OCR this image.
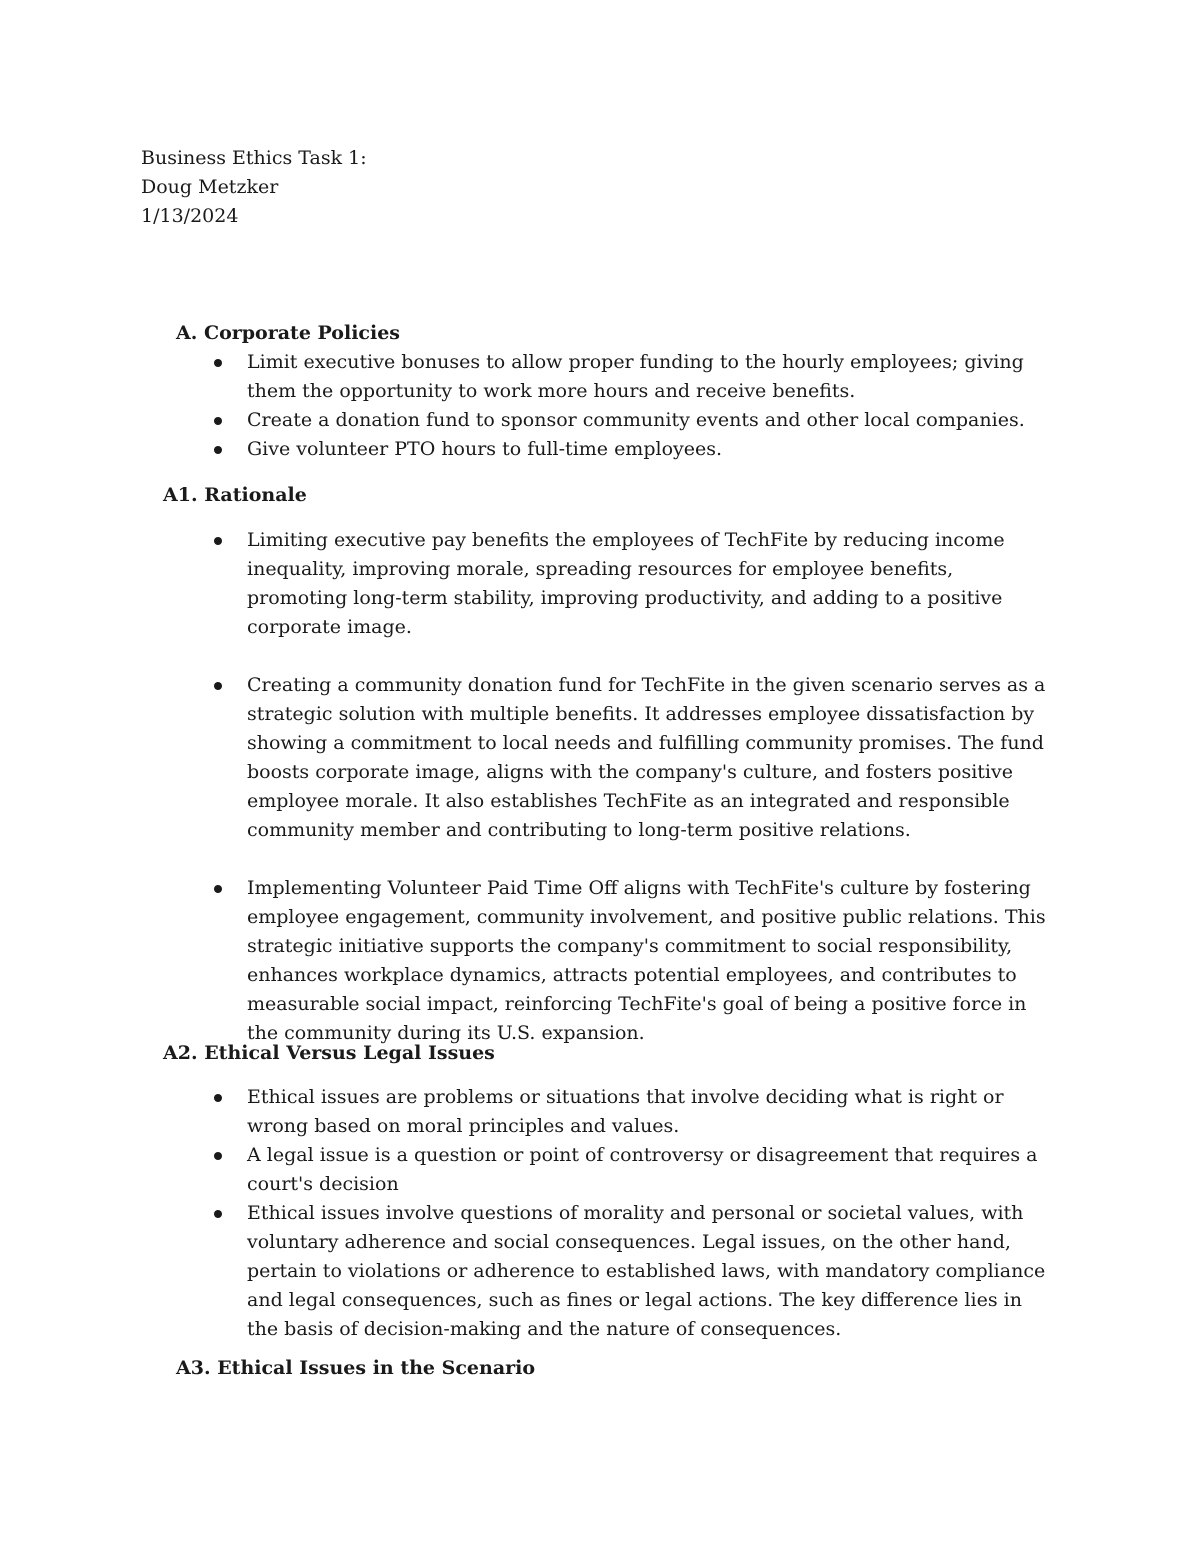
Business Ethics Task 1:
Doug Metzker
1/13/2024
A. Corporate Policies
Limit executive bonuses to allow proper funding to the hourly employees; giving them the opportunity to work more hours and receive benefits.
Create a donation fund to sponsor community events and other local companies.
Give volunteer PTO hours to full-time employees.
A1. Rationale
Limiting executive pay benefits the employees of TechFite by reducing income inequality, improving morale, spreading resources for employee benefits, promoting long-term stability, improving productivity, and adding to a positive corporate image.
Creating a community donation fund for TechFite in the given scenario serves as a strategic solution with multiple benefits. It addresses employee dissatisfaction by showing a commitment to local needs and fulfilling community promises. The fund boosts corporate image, aligns with the company's culture, and fosters positive employee morale. It also establishes TechFite as an integrated and responsible community member and contributing to long-term positive relations.
Implementing Volunteer Paid Time Off aligns with TechFite's culture by fostering employee engagement, community involvement, and positive public relations. This strategic initiative supports the company's commitment to social responsibility, enhances workplace dynamics, attracts potential employees, and contributes to measurable social impact, reinforcing TechFite's goal of being a positive force in the community during its U.S. expansion.
A2. Ethical Versus Legal Issues
Ethical issues are problems or situations that involve deciding what is right or wrong based on moral principles and values.
A legal issue is a question or point of controversy or disagreement that requires a court's decision
Ethical issues involve questions of morality and personal or societal values, with voluntary adherence and social consequences. Legal issues, on the other hand, pertain to violations or adherence to established laws, with mandatory compliance and legal consequences, such as fines or legal actions. The key difference lies in the basis of decision-making and the nature of consequences.
A3. Ethical Issues in the Scenario
